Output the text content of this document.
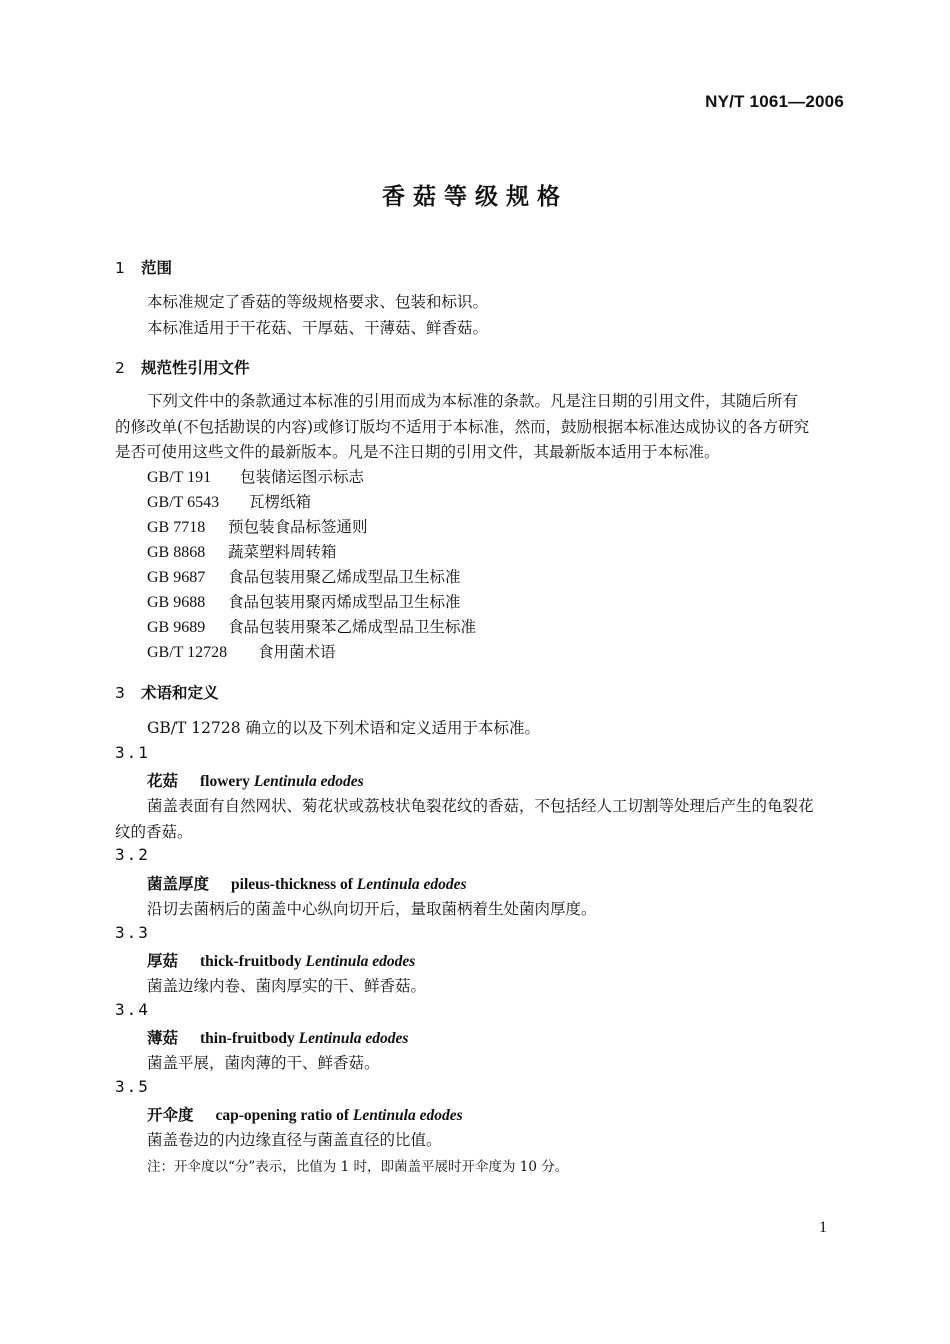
NY/T 1061—2006
香菇等级规格
1 范围
本标准规定了香菇的等级规格要求、包装和标识。
本标准适用于干花菇、干厚菇、干薄菇、鲜香菇。
2 规范性引用文件
下列文件中的条款通过本标准的引用而成为本标准的条款。凡是注日期的引用文件，其随后所有
的修改单(不包括勘误的内容)或修订版均不适用于本标准，然而，鼓励根据本标准达成协议的各方研究
是否可使用这些文件的最新版本。凡是不注日期的引用文件，其最新版本适用于本标准。
GB/T 191 包装储运图示标志
GB/T 6543 瓦楞纸箱
GB 7718 预包装食品标签通则
GB 8868 蔬菜塑料周转箱
GB 9687 食品包装用聚乙烯成型品卫生标准
GB 9688 食品包装用聚丙烯成型品卫生标准
GB 9689 食品包装用聚苯乙烯成型品卫生标准
GB/T 12728 食用菌术语
3 术语和定义
GB/T 12728 确立的以及下列术语和定义适用于本标准。
3.1
花菇 flowery Lentinula edodes
菌盖表面有自然网状、菊花状或荔枝状龟裂花纹的香菇，不包括经人工切割等处理后产生的龟裂花
纹的香菇。
3.2
菌盖厚度 pileus-thickness of Lentinula edodes
沿切去菌柄后的菌盖中心纵向切开后，量取菌柄着生处菌肉厚度。
3.3
厚菇 thick-fruitbody Lentinula edodes
菌盖边缘内卷、菌肉厚实的干、鲜香菇。
3.4
薄菇 thin-fruitbody Lentinula edodes
菌盖平展，菌肉薄的干、鲜香菇。
3.5
开伞度 cap-opening ratio of Lentinula edodes
菌盖卷边的内边缘直径与菌盖直径的比值。
注：开伞度以“分”表示，比值为 1 时，即菌盖平展时开伞度为 10 分。
1
